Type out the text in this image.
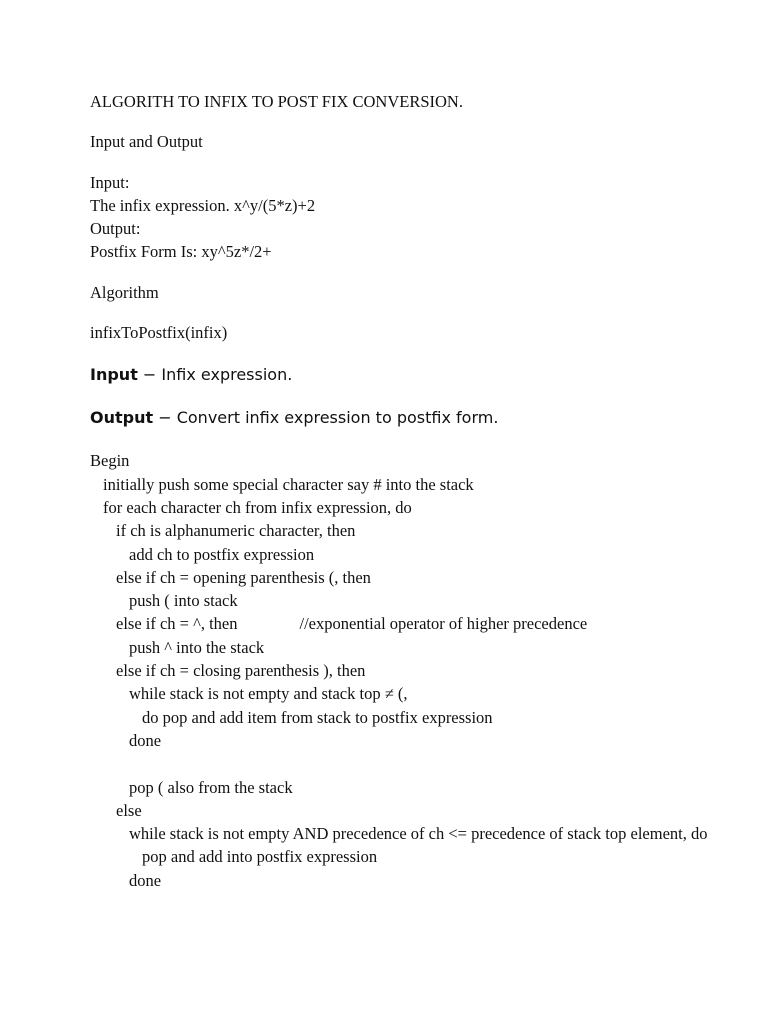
ALGORITH TO INFIX TO POST FIX CONVERSION.
Input and Output
Input:
The infix expression. x^y/(5*z)+2
Output:
Postfix Form Is: xy^5z*/2+
Algorithm
infixToPostfix(infix)
Input − Infix expression.
Output − Convert infix expression to postfix form.
Begin
initially push some special character say # into the stack
for each character ch from infix expression, do
if ch is alphanumeric character, then
add ch to postfix expression
else if ch = opening parenthesis (, then
push ( into stack
else if ch = ^, then	//exponential operator of higher precedence
push ^ into the stack
else if ch = closing parenthesis ), then
while stack is not empty and stack top ≠ (,
do pop and add item from stack to postfix expression
done
pop ( also from the stack
else
while stack is not empty AND precedence of ch <= precedence of stack top element, do
pop and add into postfix expression
done
